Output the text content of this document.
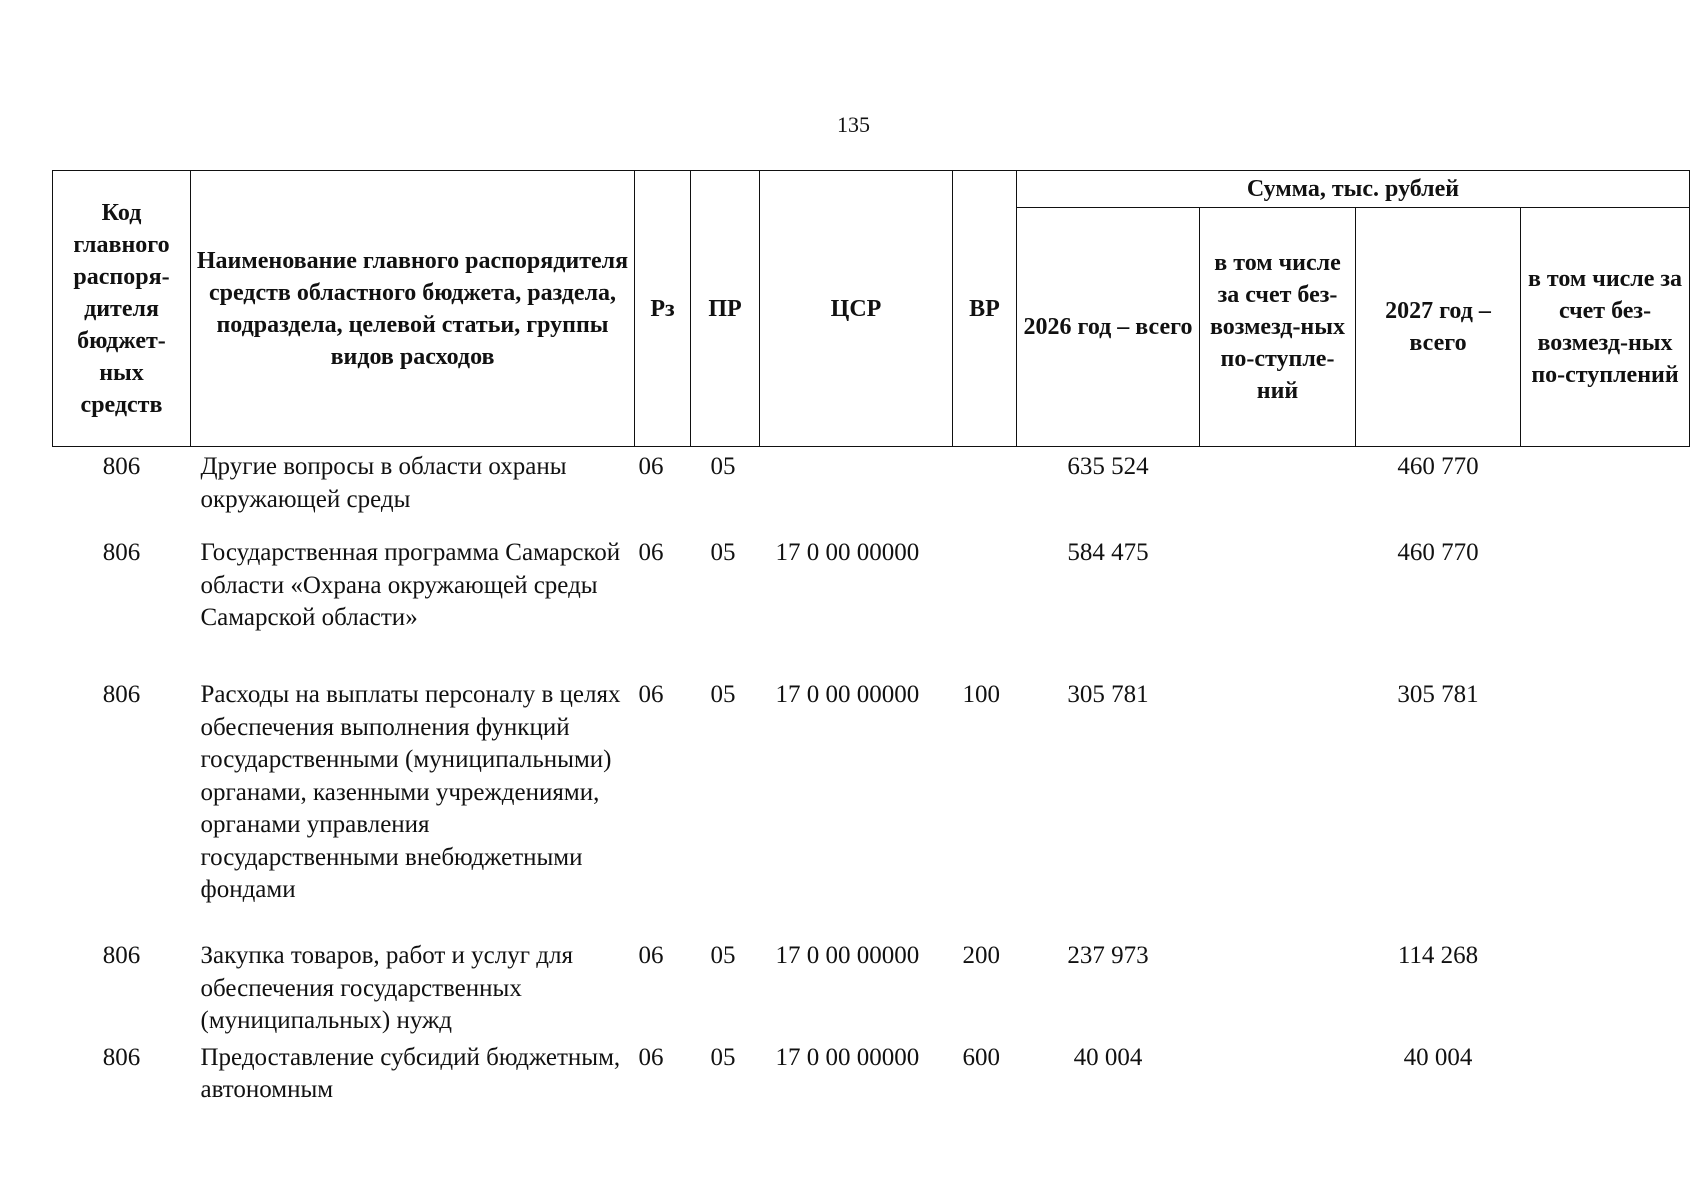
135
Код главного распоря-дителя бюджет-ных средств	Наименование главного распорядителя средств областного бюджета, раздела, подраздела, целевой статьи, группы видов расходов	Рз	ПР	ЦСР	ВР	Сумма, тыс. рублей			
						2026 год – всего	в том числе за счет без-возмезд-ных по-ступле-ний	2027 год – всего	в том числе за счет без-возмезд-ных по-ступлений
806	Другие вопросы в области охраны окружающей среды	06	05			635 524		460 770	
806	Государственная программа Самарской области «Охрана окружающей среды Самарской области»	06	05	17 0 00 00000		584 475		460 770	
806	Расходы на выплаты персоналу в целях обеспечения выполнения функций государственными (муниципальными) органами, казенными учреждениями, органами управления государственными внебюджетными фондами	06	05	17 0 00 00000	100	305 781		305 781	
806	Закупка товаров, работ и услуг для обеспечения государственных (муниципальных) нужд	06	05	17 0 00 00000	200	237 973		114 268	
806	Предоставление субсидий бюджетным, автономным	06	05	17 0 00 00000	600	40 004		40 004	
